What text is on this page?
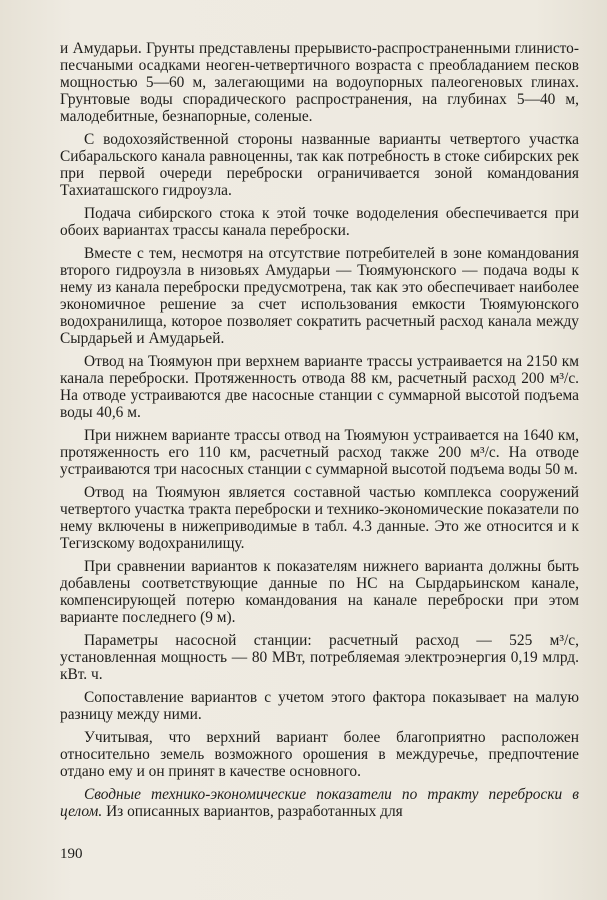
и Амударьи. Грунты представлены прерывисто-распространенными глинисто-песчаными осадками неоген-четвертичного возраста с преобладанием песков мощностью 5—60 м, залегающими на водоупорных палеогеновых глинах. Грунтовые воды спорадического распространения, на глубинах 5—40 м, малодебитные, безнапорные, соленые.

С водохозяйственной стороны названные варианты четвертого участка Сибаральского канала равноценны, так как потребность в стоке сибирских рек при первой очереди переброски ограничивается зоной командования Тахиаташского гидроузла.

Подача сибирского стока к этой точке вододеления обеспечивается при обоих вариантах трассы канала переброски.

Вместе с тем, несмотря на отсутствие потребителей в зоне командования второго гидроузла в низовьях Амударьи — Тюямуюнского — подача воды к нему из канала переброски предусмотрена, так как это обеспечивает наиболее экономичное решение за счет использования емкости Тюямуюнского водохранилища, которое позволяет сократить расчетный расход канала между Сырдарьей и Амударьей.

Отвод на Тюямуюн при верхнем варианте трассы устраивается на 2150 км канала переброски. Протяженность отвода 88 км, расчетный расход 200 м³/с. На отводе устраиваются две насосные станции с суммарной высотой подъема воды 40,6 м.

При нижнем варианте трассы отвод на Тюямуюн устраивается на 1640 км, протяженность его 110 км, расчетный расход также 200 м³/с. На отводе устраиваются три насосных станции с суммарной высотой подъема воды 50 м.

Отвод на Тюямуюн является составной частью комплекса сооружений четвертого участка тракта переброски и технико-экономические показатели по нему включены в нижеприводимые в табл. 4.3 данные. Это же относится и к Тегизскому водохранилищу.

При сравнении вариантов к показателям нижнего варианта должны быть добавлены соответствующие данные по НС на Сырдарьинском канале, компенсирующей потерю командования на канале переброски при этом варианте последнего (9 м).

Параметры насосной станции: расчетный расход — 525 м³/с, установленная мощность — 80 МВт, потребляемая электроэнергия 0,19 млрд. кВт. ч.

Сопоставление вариантов с учетом этого фактора показывает на малую разницу между ними.

Учитывая, что верхний вариант более благоприятно расположен относительно земель возможного орошения в междуречье, предпочтение отдано ему и он принят в качестве основного.

Сводные технико-экономические показатели по тракту переброски в целом. Из описанных вариантов, разработанных для

190
